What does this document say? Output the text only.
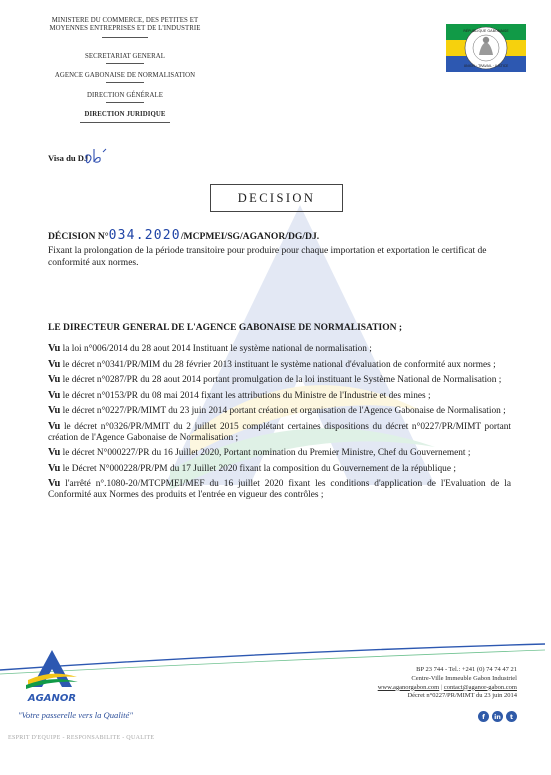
MINISTERE DU COMMERCE, DES PETITES ET
MOYENNES ENTREPRISES ET DE L'INDUSTRIE
SECRETARIAT GENERAL
AGENCE GABONAISE DE NORMALISATION
DIRECTION GÉNÉRALE
DIRECTION JURIDIQUE
RÉPUBLIQUE GABONAISE
UNION · TRAVAIL · JUSTICE
Visa du DJ
DECISION
DÉCISION N°034.2020/MCPMEI/SG/AGANOR/DG/DJ.
Fixant la prolongation de la période transitoire pour produire pour chaque importation et exportation le certificat de conformité aux normes.
LE DIRECTEUR GENERAL DE L'AGENCE GABONAISE DE NORMALISATION ;
Vu la loi n°006/2014 du 28 aout 2014 Instituant le système national de normalisation ;
Vu le décret n°0341/PR/MIM du 28 février 2013 instituant le système national d'évaluation de conformité aux normes ;
Vu le décret n°0287/PR du 28 aout 2014 portant promulgation de la loi instituant le Système National de Normalisation ;
Vu le décret n°0153/PR du 08 mai 2014 fixant les attributions du Ministre de l'Industrie et des mines ;
Vu le décret n°0227/PR/MIMT du 23 juin 2014 portant création et organisation de l'Agence Gabonaise de Normalisation ;
Vu le décret n°0326/PR/MMIT du 2 juillet 2015 complétant certaines dispositions du décret n°0227/PR/MIMT portant création de l'Agence Gabonaise de Normalisation ;
Vu le décret N°000227/PR du 16 Juillet 2020, Portant nomination du Premier Ministre, Chef du Gouvernement ;
Vu le Décret N°000228/PR/PM du 17 Juillet 2020 fixant la composition du Gouvernement de la république ;
Vu l'arrêté n°.1080-20/MTCPMEI/MEF du 16 juillet 2020 fixant les conditions d'application de l'Evaluation de la Conformité aux Normes des produits et l'entrée en vigueur des contrôles ;
AGANOR
"Votre passerelle vers la Qualité"
ESPRIT D'EQUIPE - RESPONSABILITE - QUALITE
BP 23 744 - Tel.: +241 (0) 74 74 47 21
Centre-Ville Immeuble Gabon Industriel
www.aganorgabon.com | contact@aganor-gabon.com
Décret n°0227/PR/MIMT du 23 juin 2014
f	in	t
